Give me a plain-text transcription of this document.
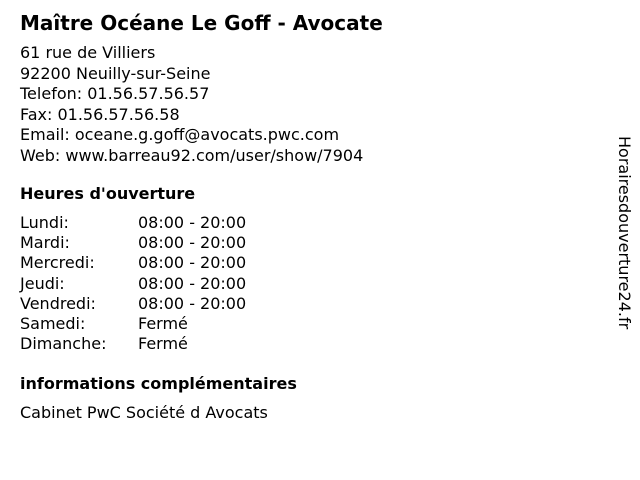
Maître Océane Le Goff - Avocate
61 rue de Villiers
92200 Neuilly-sur-Seine
Telefon: 01.56.57.56.57
Fax: 01.56.57.56.58
Email: oceane.g.goff@avocats.pwc.com
Web: www.barreau92.com/user/show/7904
Heures d'ouverture
Lundi:	08:00 - 20:00
Mardi:	08:00 - 20:00
Mercredi:	08:00 - 20:00
Jeudi:	08:00 - 20:00
Vendredi:	08:00 - 20:00
Samedi:	Fermé
Dimanche: Fermé
informations complémentaires
Cabinet PwC Société d Avocats
Horairesdouverture24.fr
